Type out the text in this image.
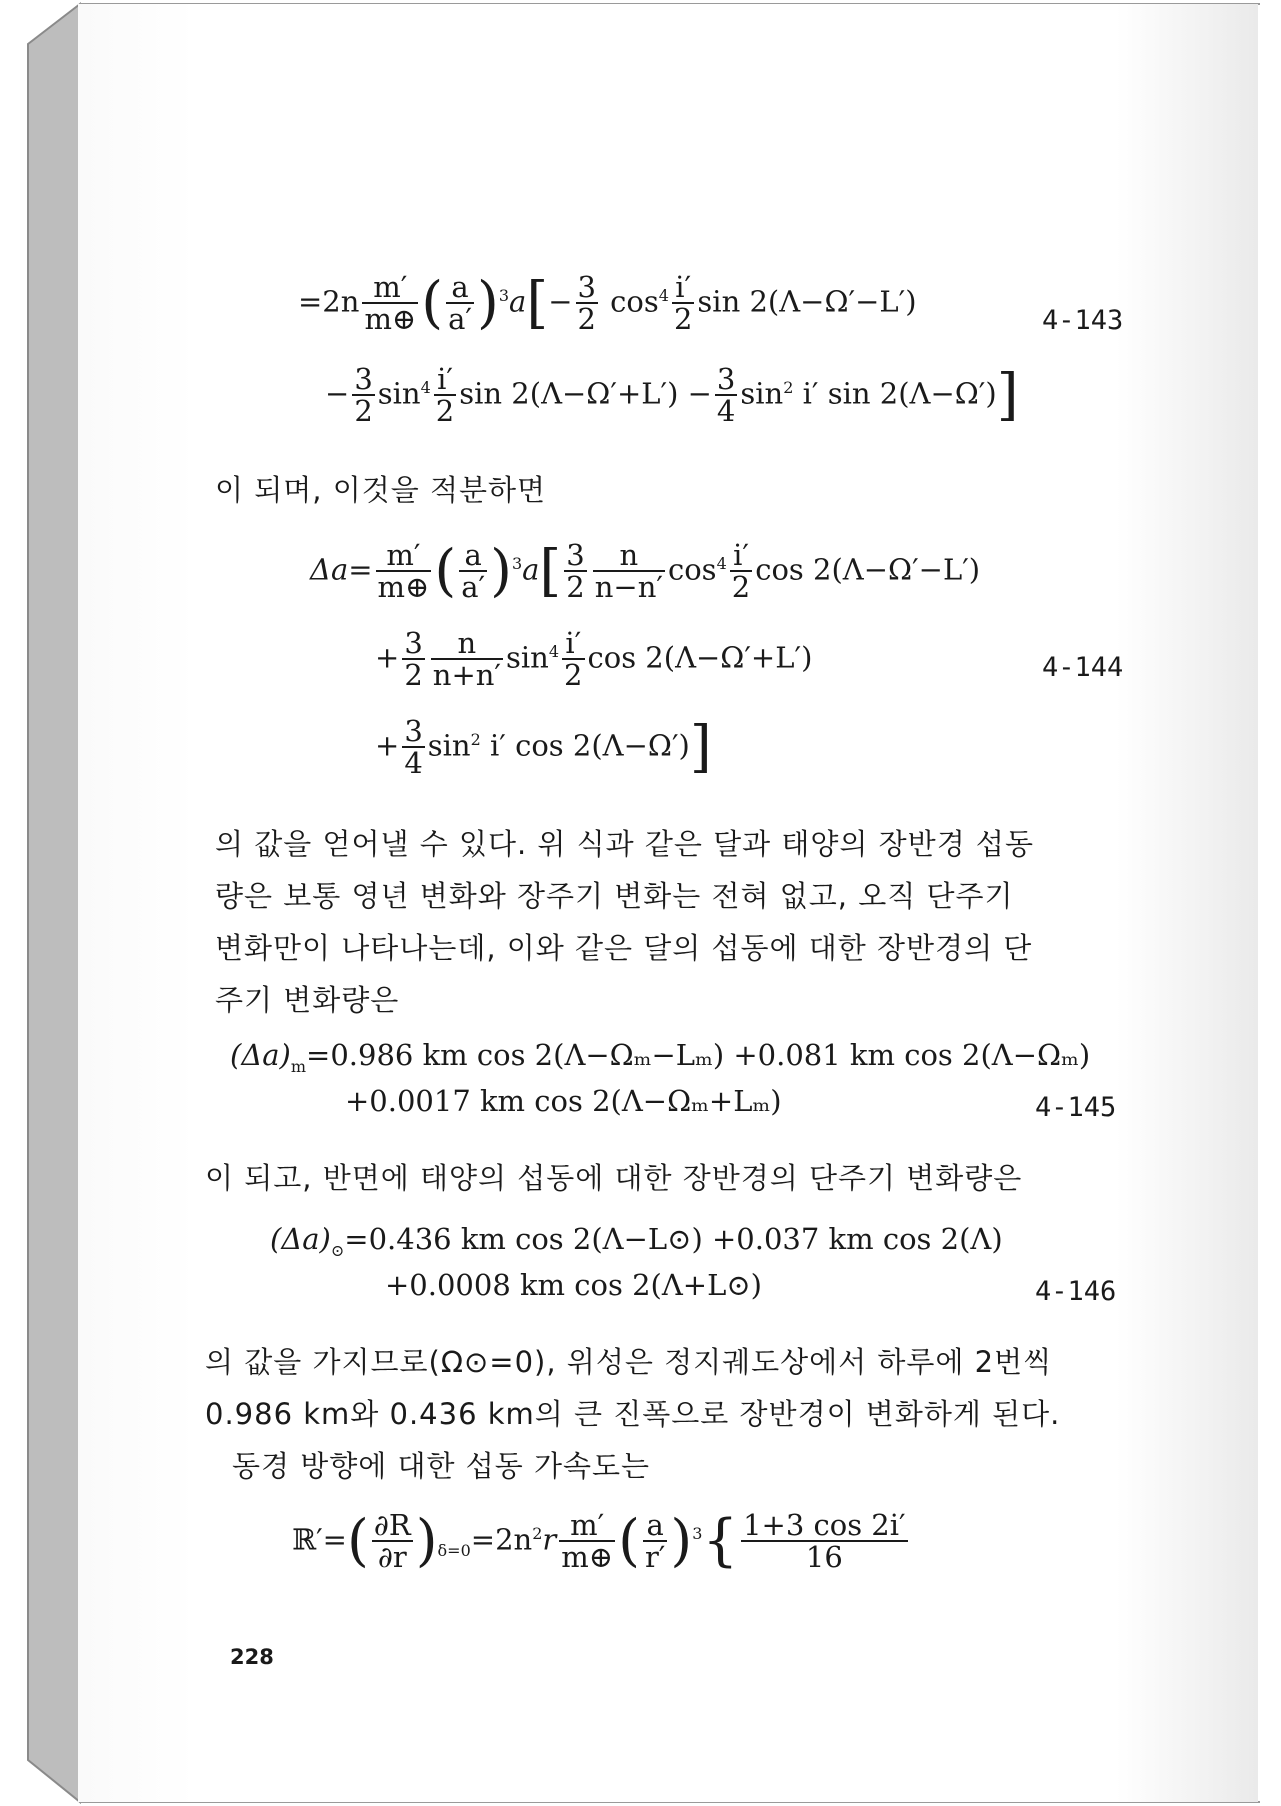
$=2n \frac{m'}{m\oplus}$ ( $\frac{a}{a'} )^3a[- \frac{3}{2} \cos^4 \frac{i'}{2}$ sin 2(Λ−Ω′−L′)
4-143
− $\frac{3}{2} \sin^4 \frac{i'}{2}$ $\sin 2(\Lambda-\Omega'+L') - \frac{3}{4} \sin^2 i'$ sin 2(Λ−Ω′)]
이 되며, 이것을 적분하면
$\Delta a= \frac{m'}{m\oplus}$ ( $\frac{a}{a'} )^3a[ \frac{3}{2} \frac{n}{n-n'} \cos^4 \frac{i'}{2}$ cos 2(Λ−Ω′−L′)
+ $\frac{3}{2} \frac{n}{n+n'} \sin^4 \frac{i'}{2}$ cos 2(Λ−Ω′+L′)	4-144
+ $\frac{3}{4} \sin^2 i'$ cos 2(Λ−Ω′)]
의 값을 얻어낼 수 있다. 위 식과 같은 달과 태양의 장반경 섭동
량은 보통 영년 변화와 장주기 변화는 전혀 없고, 오직 단주기
변화만이 나타나는데, 이와 같은 달의 섭동에 대한 장반경의 단
주기 변화량은
$(\Delta a)_m=0.986$ km cos 2(Λ−Ωₘ−Lₘ) +0.081 km cos 2(Λ−Ωₘ)
+0.0017 km cos 2(Λ−Ωₘ+Lₘ)	4-145
이 되고, 반면에 태양의 섭동에 대한 장반경의 단주기 변화량은
$(\Delta a)_⊙=0.436$ km cos 2(Λ−L⊙) +0.037 km cos 2(Λ)
+0.0008 km cos 2(Λ+L⊙)	4-146
의 값을 가지므로(Ω⊙=0), 위성은 정지궤도상에서 하루에 2번씩
0.986 km와 0.436 km의 큰 진폭으로 장반경이 변화하게 된다.
동경 방향에 대한 섭동 가속도는
ℝ′=( $\frac{\partial R}{\partial r} )_{\delta=0}=2n^2r \frac{m'}{m\oplus}$ ( $\frac{a}{r'} )^3\{ \frac{1+3 \cos 2i'}{16}$
228
